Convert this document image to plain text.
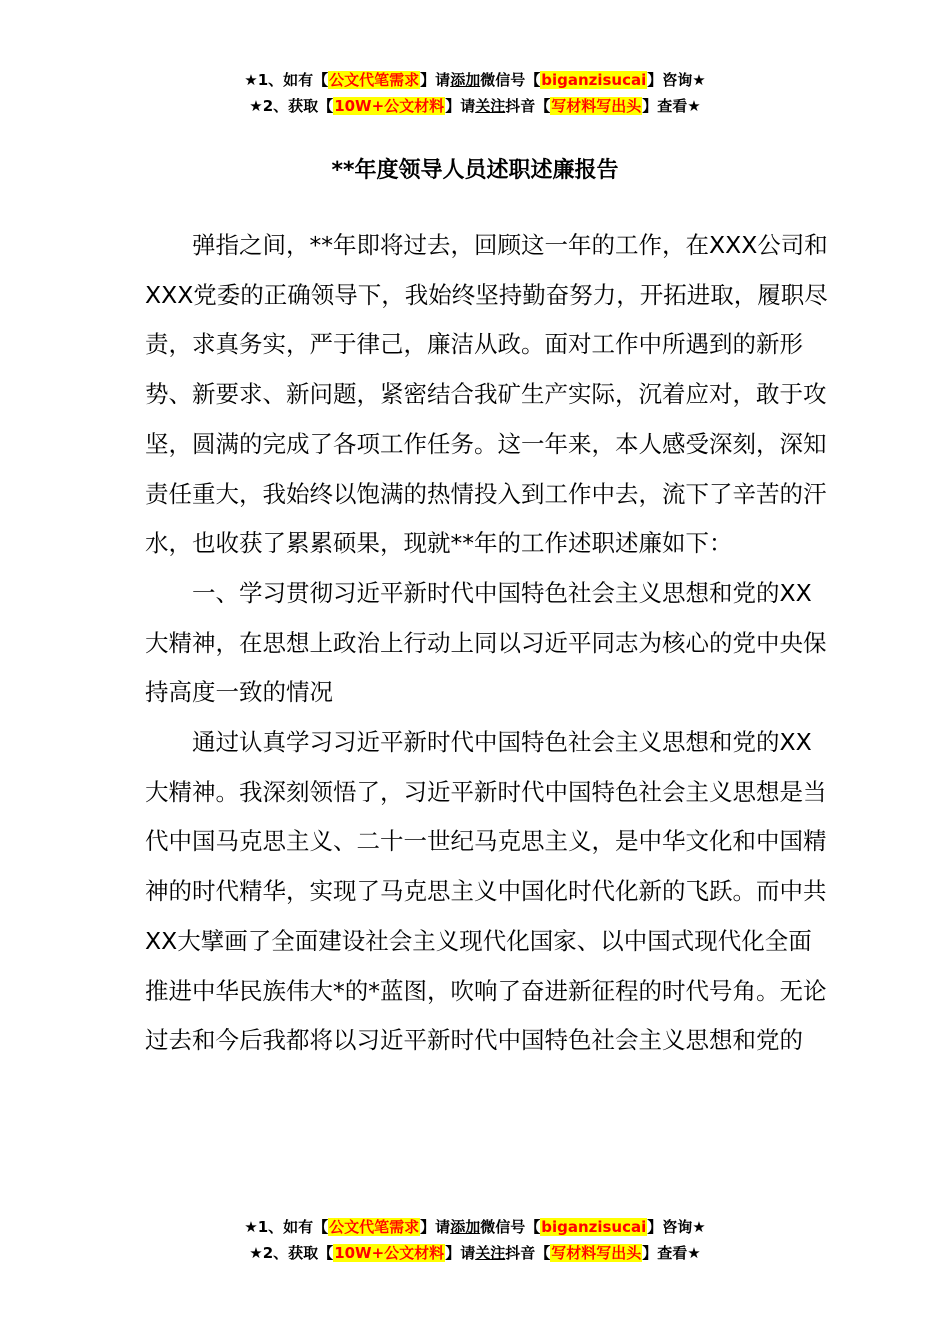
★1、如有【公文代笔需求】请添加微信号【biganzisucai】咨询★
★2、获取【10W+公文材料】请关注抖音【写材料写出头】查看★
**年度领导人员述职述廉报告

弹指之间，**年即将过去，回顾这一年的工作，在XXX公司和XXX党委的正确领导下，我始终坚持勤奋努力，开拓进取，履职尽责，求真务实，严于律己，廉洁从政。面对工作中所遇到的新形势、新要求、新问题，紧密结合我矿生产实际，沉着应对，敢于攻坚，圆满的完成了各项工作任务。这一年来，本人感受深刻，深知责任重大，我始终以饱满的热情投入到工作中去，流下了辛苦的汗水，也收获了累累硕果，现就**年的工作述职述廉如下：

一、学习贯彻习近平新时代中国特色社会主义思想和党的XX大精神，在思想上政治上行动上同以习近平同志为核心的党中央保持高度一致的情况

通过认真学习习近平新时代中国特色社会主义思想和党的XX大精神。我深刻领悟了，习近平新时代中国特色社会主义思想是当代中国马克思主义、二十一世纪马克思主义，是中华文化和中国精神的时代精华，实现了马克思主义中国化时代化新的飞跃。而中共XX大擘画了全面建设社会主义现代化国家、以中国式现代化全面推进中华民族伟大*的*蓝图，吹响了奋进新征程的时代号角。无论过去和今后我都将以习近平新时代中国特色社会主义思想和党的

★1、如有【公文代笔需求】请添加微信号【biganzisucai】咨询★
★2、获取【10W+公文材料】请关注抖音【写材料写出头】查看★
